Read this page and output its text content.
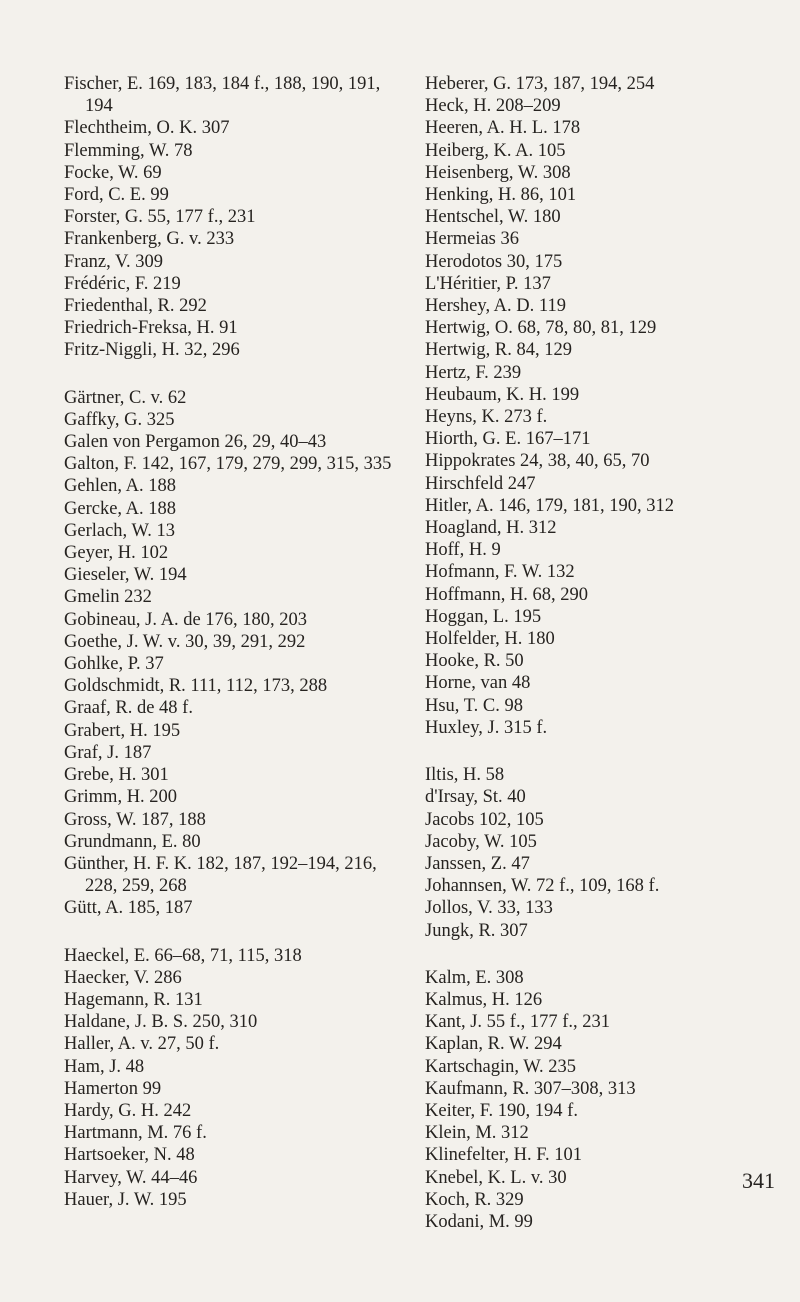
Fischer, E. 169, 183, 184 f., 188, 190, 191, 194
Flechtheim, O. K. 307
Flemming, W. 78
Focke, W. 69
Ford, C. E. 99
Forster, G. 55, 177 f., 231
Frankenberg, G. v. 233
Franz, V. 309
Frédéric, F. 219
Friedenthal, R. 292
Friedrich-Freksa, H. 91
Fritz-Niggli, H. 32, 296
Gärtner, C. v. 62
Gaffky, G. 325
Galen von Pergamon 26, 29, 40–43
Galton, F. 142, 167, 179, 279, 299, 315, 335
Gehlen, A. 188
Gercke, A. 188
Gerlach, W. 13
Geyer, H. 102
Gieseler, W. 194
Gmelin 232
Gobineau, J. A. de 176, 180, 203
Goethe, J. W. v. 30, 39, 291, 292
Gohlke, P. 37
Goldschmidt, R. 111, 112, 173, 288
Graaf, R. de 48 f.
Grabert, H. 195
Graf, J. 187
Grebe, H. 301
Grimm, H. 200
Gross, W. 187, 188
Grundmann, E. 80
Günther, H. F. K. 182, 187, 192–194, 216, 228, 259, 268
Gütt, A. 185, 187
Haeckel, E. 66–68, 71, 115, 318
Haecker, V. 286
Hagemann, R. 131
Haldane, J. B. S. 250, 310
Haller, A. v. 27, 50 f.
Ham, J. 48
Hamerton 99
Hardy, G. H. 242
Hartmann, M. 76 f.
Hartsoeker, N. 48
Harvey, W. 44–46
Hauer, J. W. 195
Heberer, G. 173, 187, 194, 254
Heck, H. 208–209
Heeren, A. H. L. 178
Heiberg, K. A. 105
Heisenberg, W. 308
Henking, H. 86, 101
Hentschel, W. 180
Hermeias 36
Herodotos 30, 175
L'Héritier, P. 137
Hershey, A. D. 119
Hertwig, O. 68, 78, 80, 81, 129
Hertwig, R. 84, 129
Hertz, F. 239
Heubaum, K. H. 199
Heyns, K. 273 f.
Hiorth, G. E. 167–171
Hippokrates 24, 38, 40, 65, 70
Hirschfeld 247
Hitler, A. 146, 179, 181, 190, 312
Hoagland, H. 312
Hoff, H. 9
Hofmann, F. W. 132
Hoffmann, H. 68, 290
Hoggan, L. 195
Holfelder, H. 180
Hooke, R. 50
Horne, van 48
Hsu, T. C. 98
Huxley, J. 315 f.
Iltis, H. 58
d'Irsay, St. 40
Jacobs 102, 105
Jacoby, W. 105
Janssen, Z. 47
Johannsen, W. 72 f., 109, 168 f.
Jollos, V. 33, 133
Jungk, R. 307
Kalm, E. 308
Kalmus, H. 126
Kant, J. 55 f., 177 f., 231
Kaplan, R. W. 294
Kartschagin, W. 235
Kaufmann, R. 307–308, 313
Keiter, F. 190, 194 f.
Klein, M. 312
Klinefelter, H. F. 101
Knebel, K. L. v. 30
Koch, R. 329
Kodani, M. 99
341
